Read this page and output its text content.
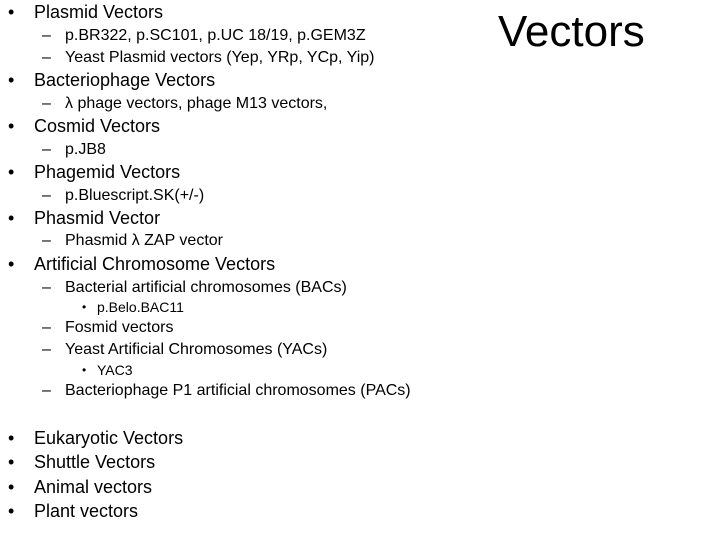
Vectors
• Plasmid Vectors
– p.BR322, p.SC101, p.UC 18/19, p.GEM3Z
– Yeast Plasmid vectors (Yep, YRp, YCp, Yip)
• Bacteriophage Vectors
– λ phage vectors, phage M13 vectors,
• Cosmid Vectors
– p.JB8
• Phagemid Vectors
– p.Bluescript.SK(+/-)
• Phasmid Vector
– Phasmid λ ZAP vector
• Artificial Chromosome Vectors
– Bacterial artificial chromosomes (BACs)
• p.Belo.BAC11
– Fosmid vectors
– Yeast Artificial Chromosomes (YACs)
• YAC3
– Bacteriophage P1 artificial chromosomes (PACs)
• Eukaryotic Vectors
• Shuttle Vectors
• Animal vectors
• Plant vectors
